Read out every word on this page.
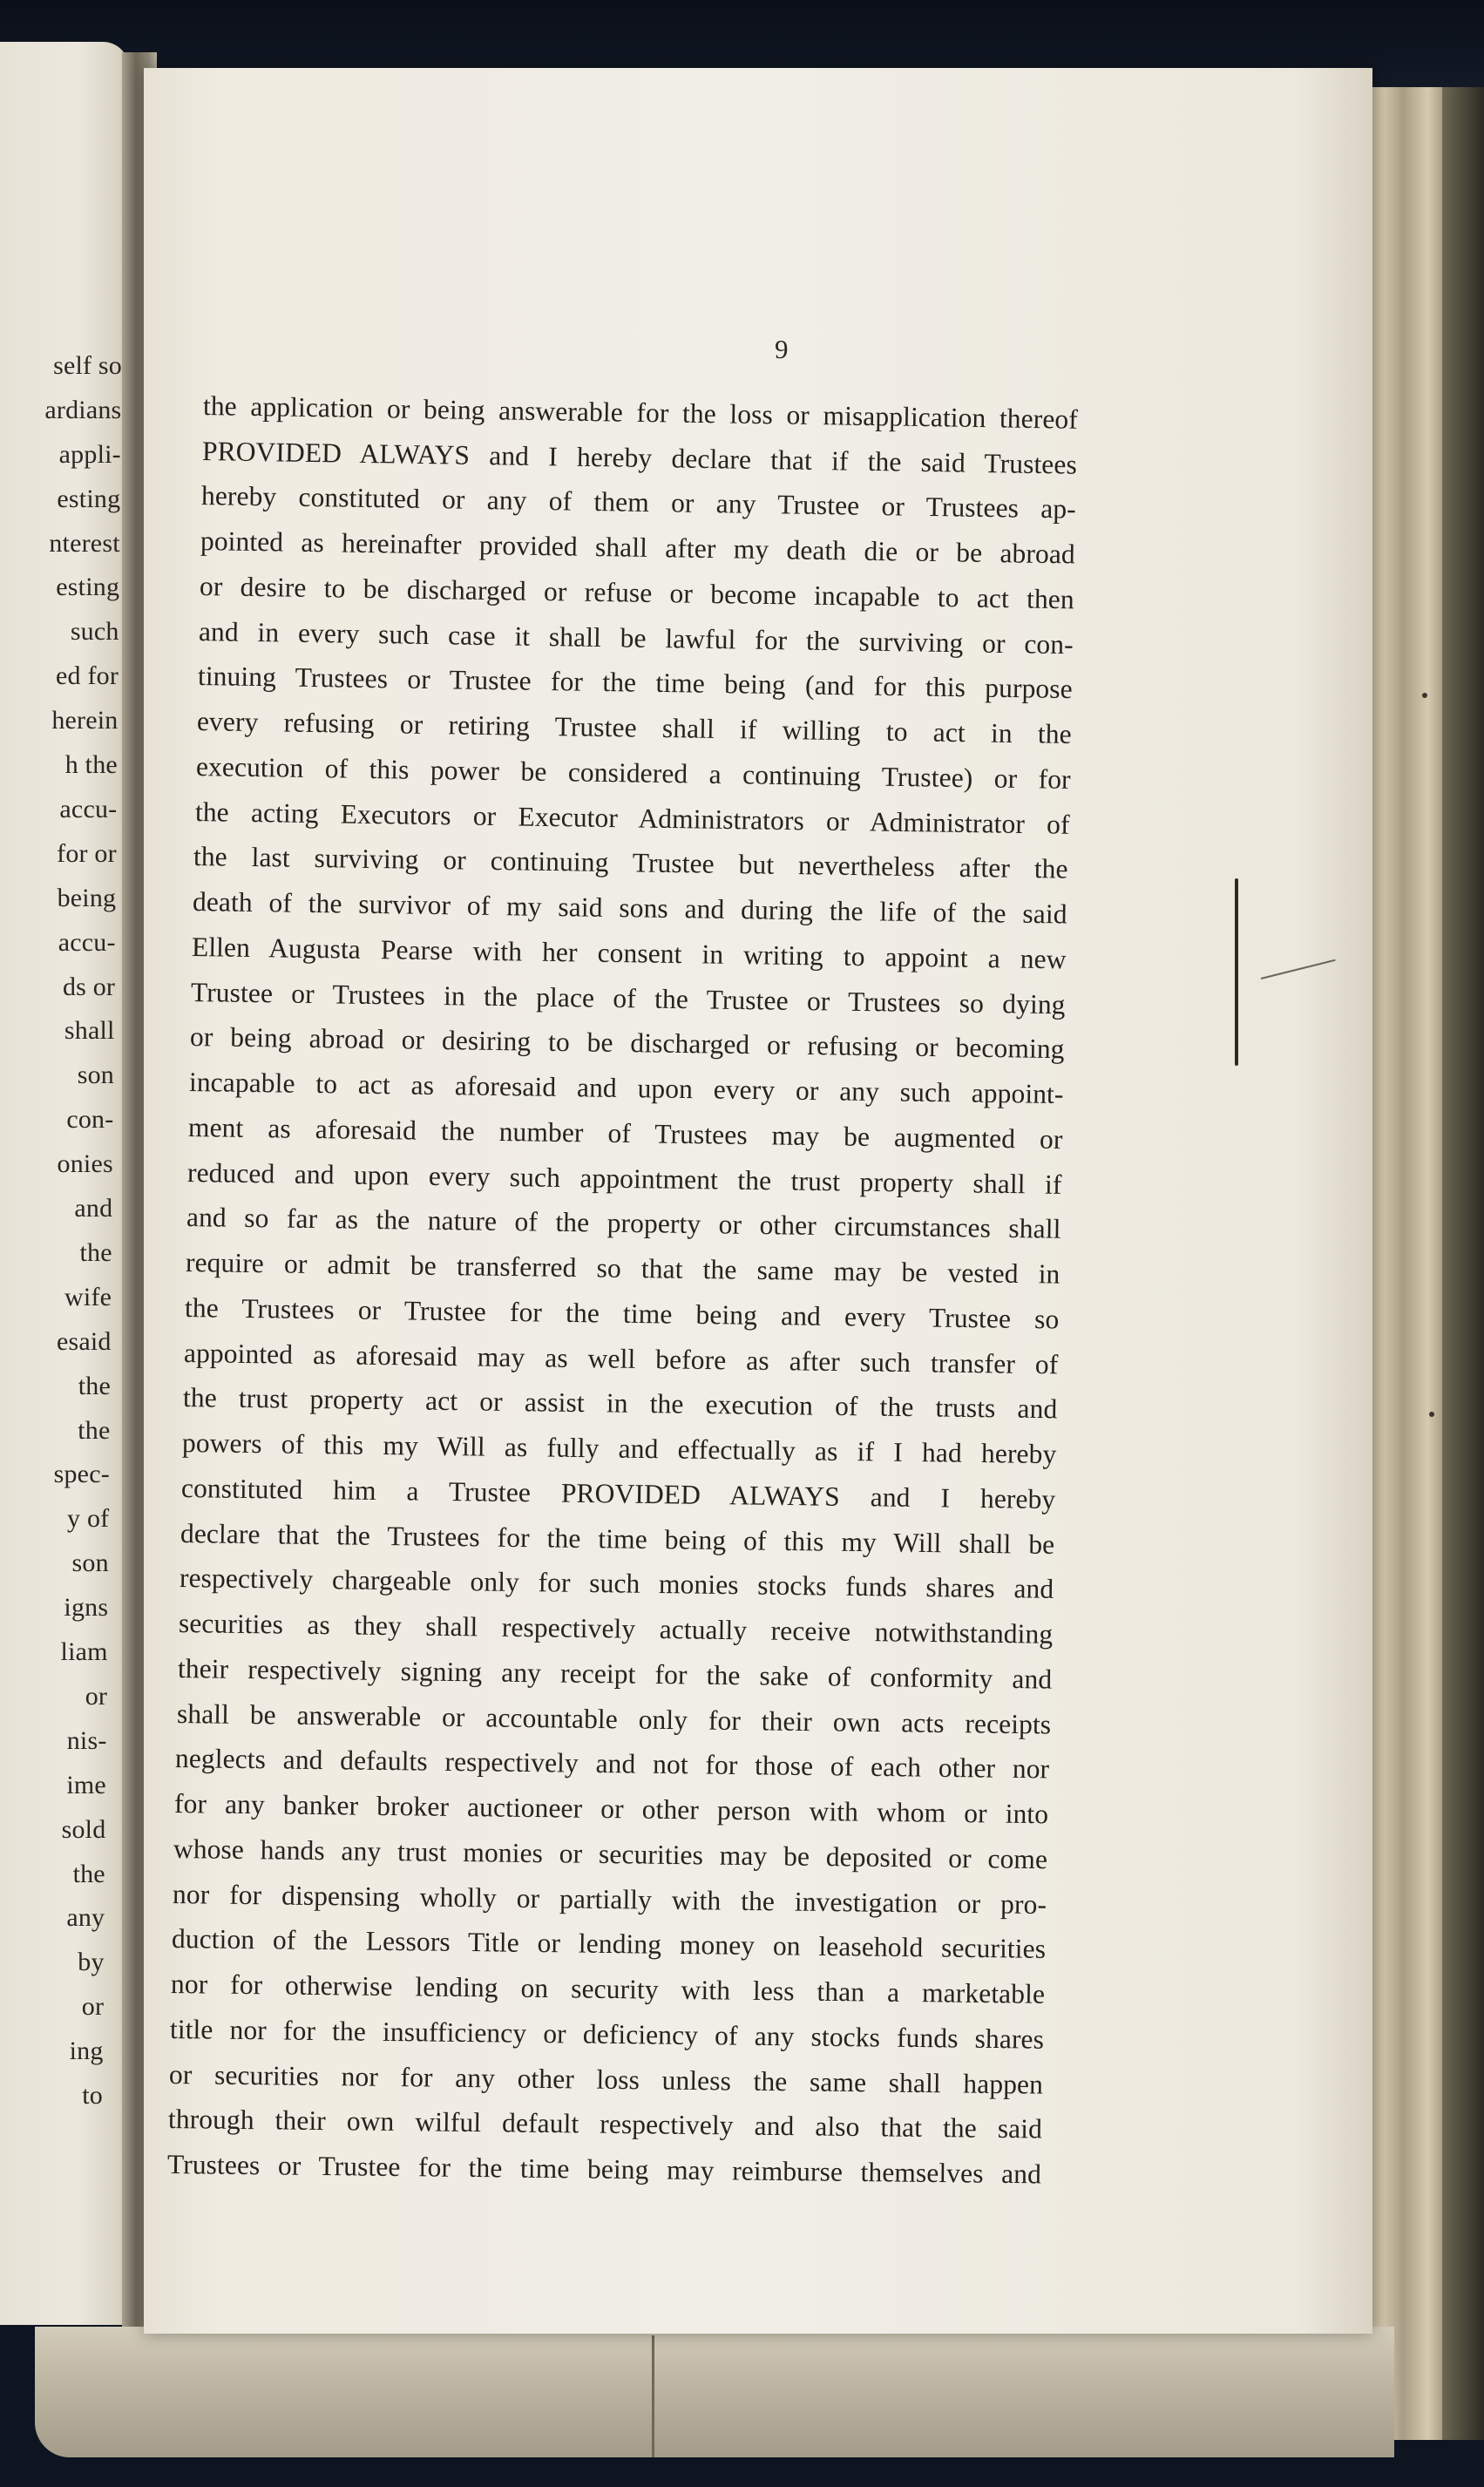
self so
ardians
appli-
esting
nterest
esting
such
ed for
herein
h the
accu-
for or
being
accu-
ds or
shall
son
con-
onies
and
the
wife
esaid
the
the
spec-
y of
son
igns
liam
or
nis-
ime
sold
the
any
by
or
ing
to
9
the application or being answerable for the loss or misapplication thereof
PROVIDED ALWAYS and I hereby declare that if the said Trustees
hereby constituted or any of them or any Trustee or Trustees ap-
pointed as hereinafter provided shall after my death die or be abroad
or desire to be discharged or refuse or become incapable to act then
and in every such case it shall be lawful for the surviving or con-
tinuing Trustees or Trustee for the time being (and for this purpose
every refusing or retiring Trustee shall if willing to act in the
execution of this power be considered a continuing Trustee) or for
the acting Executors or Executor Administrators or Administrator of
the last surviving or continuing Trustee but nevertheless after the
death of the survivor of my said sons and during the life of the said
Ellen Augusta Pearse with her consent in writing to appoint a new
Trustee or Trustees in the place of the Trustee or Trustees so dying
or being abroad or desiring to be discharged or refusing or becoming
incapable to act as aforesaid and upon every or any such appoint-
ment as aforesaid the number of Trustees may be augmented or
reduced and upon every such appointment the trust property shall if
and so far as the nature of the property or other circumstances shall
require or admit be transferred so that the same may be vested in
the Trustees or Trustee for the time being and every Trustee so
appointed as aforesaid may as well before as after such transfer of
the trust property act or assist in the execution of the trusts and
powers of this my Will as fully and effectually as if I had hereby
constituted him a Trustee PROVIDED ALWAYS and I hereby
declare that the Trustees for the time being of this my Will shall be
respectively chargeable only for such monies stocks funds shares and
securities as they shall respectively actually receive notwithstanding
their respectively signing any receipt for the sake of conformity and
shall be answerable or accountable only for their own acts receipts
neglects and defaults respectively and not for those of each other nor
for any banker broker auctioneer or other person with whom or into
whose hands any trust monies or securities may be deposited or come
nor for dispensing wholly or partially with the investigation or pro-
duction of the Lessors Title or lending money on leasehold securities
nor for otherwise lending on security with less than a marketable
title nor for the insufficiency or deficiency of any stocks funds shares
or securities nor for any other loss unless the same shall happen
through their own wilful default respectively and also that the said
Trustees or Trustee for the time being may reimburse themselves and
